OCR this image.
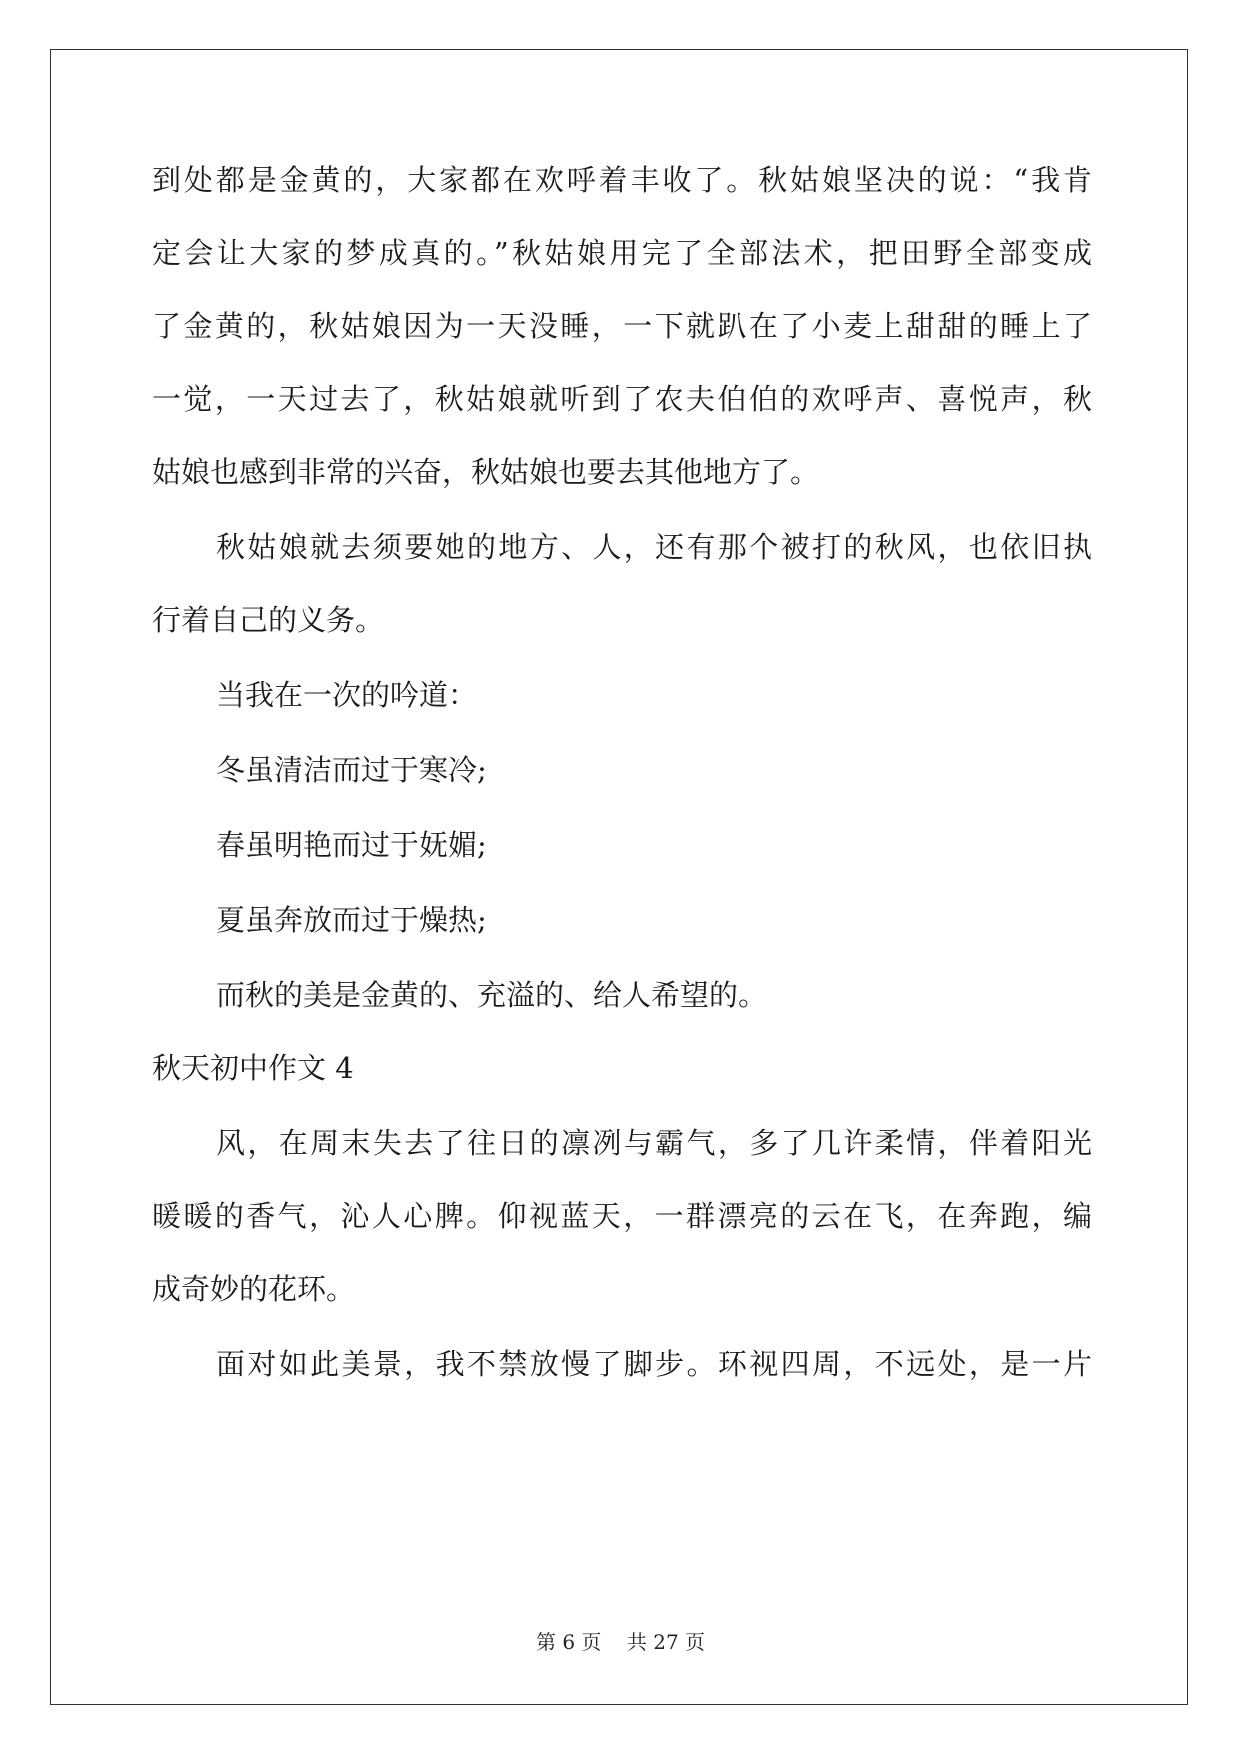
到处都是金黄的，大家都在欢呼着丰收了。秋姑娘坚决的说：“我肯
定会让大家的梦成真的。”秋姑娘用完了全部法术，把田野全部变成
了金黄的，秋姑娘因为一天没睡，一下就趴在了小麦上甜甜的睡上了
一觉，一天过去了，秋姑娘就听到了农夫伯伯的欢呼声、喜悦声，秋
姑娘也感到非常的兴奋，秋姑娘也要去其他地方了。
秋姑娘就去须要她的地方、人，还有那个被打的秋风，也依旧执
行着自己的义务。
当我在一次的吟道：
冬虽清洁而过于寒冷;
春虽明艳而过于妩媚;
夏虽奔放而过于燥热;
而秋的美是金黄的、充溢的、给人希望的。
秋天初中作文 4
风，在周末失去了往日的凛冽与霸气，多了几许柔情，伴着阳光
暖暖的香气，沁人心脾。仰视蓝天，一群漂亮的云在飞，在奔跑，编
成奇妙的花环。
面对如此美景，我不禁放慢了脚步。环视四周，不远处，是一片
第 6 页 共 27 页
